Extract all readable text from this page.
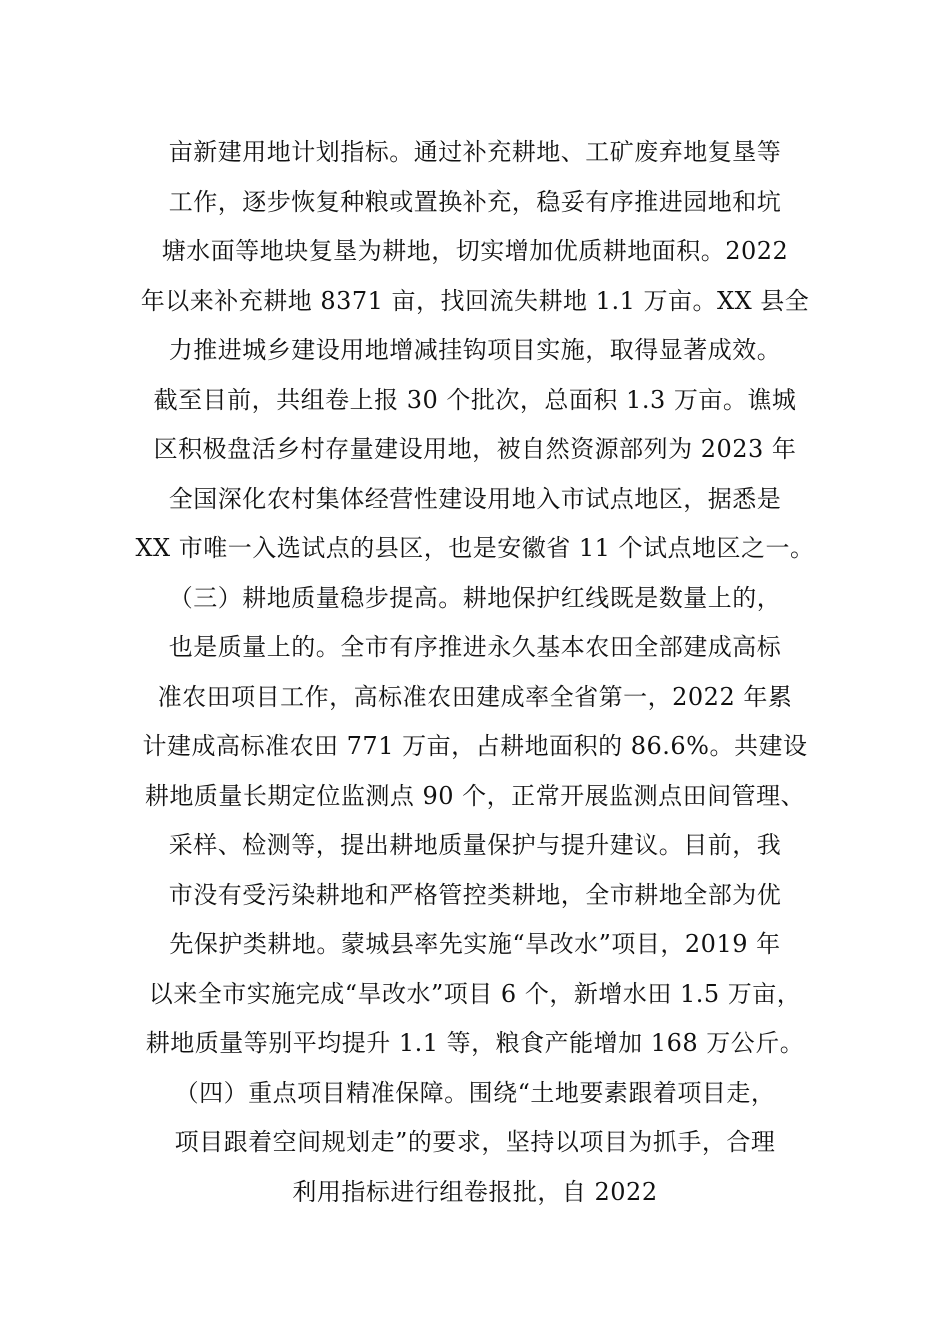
亩新建用地计划指标。通过补充耕地、工矿废弃地复垦等
工作，逐步恢复种粮或置换补充，稳妥有序推进园地和坑
塘水面等地块复垦为耕地，切实增加优质耕地面积。2022
年以来补充耕地 8371 亩，找回流失耕地 1.1 万亩。XX 县全
力推进城乡建设用地增减挂钩项目实施，取得显著成效。
截至目前，共组卷上报 30 个批次，总面积 1.3 万亩。谯城
区积极盘活乡村存量建设用地，被自然资源部列为 2023 年
全国深化农村集体经营性建设用地入市试点地区，据悉是
XX 市唯一入选试点的县区，也是安徽省 11 个试点地区之一。
（三）耕地质量稳步提高。耕地保护红线既是数量上的，
也是质量上的。全市有序推进永久基本农田全部建成高标
准农田项目工作，高标准农田建成率全省第一，2022 年累
计建成高标准农田 771 万亩，占耕地面积的 86.6%。共建设
耕地质量长期定位监测点 90 个，正常开展监测点田间管理、
采样、检测等，提出耕地质量保护与提升建议。目前，我
市没有受污染耕地和严格管控类耕地，全市耕地全部为优
先保护类耕地。蒙城县率先实施“旱改水”项目，2019 年
以来全市实施完成“旱改水”项目 6 个，新增水田 1.5 万亩，
耕地质量等别平均提升 1.1 等，粮食产能增加 168 万公斤。
（四）重点项目精准保障。围绕“土地要素跟着项目走，
项目跟着空间规划走”的要求，坚持以项目为抓手，合理
利用指标进行组卷报批，自 2022
